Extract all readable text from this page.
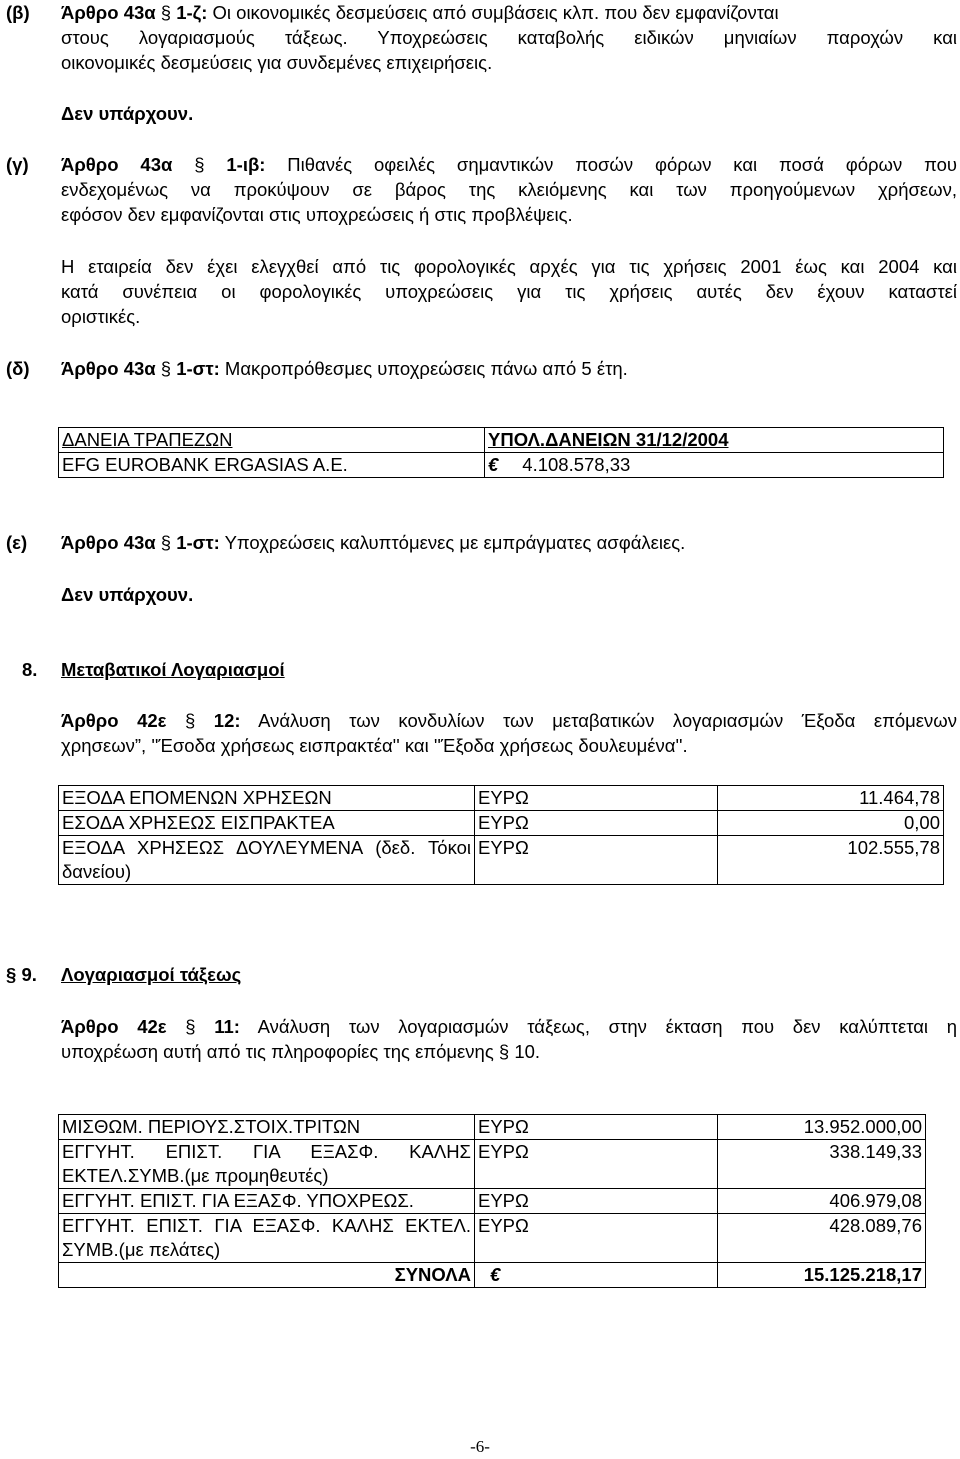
(β) Άρθρο 43α § 1-ζ: Οι οικονομικές δεσμεύσεις από συμβάσεις κλπ. που δεν εμφανίζονται
στους λογαριασμούς τάξεως. Υποχρεώσεις καταβολής ειδικών μηνιαίων παροχών και
οικονομικές δεσμεύσεις για συνδεμένες επιχειρήσεις.
Δεν υπάρχουν.
(γ) Άρθρο 43α § 1-ιβ: Πιθανές οφειλές σημαντικών ποσών φόρων και ποσά φόρων που
ενδεχομένως να προκύψουν σε βάρος της κλειόμενης και των προηγούμενων χρήσεων,
εφόσον δεν εμφανίζονται στις υποχρεώσεις ή στις προβλέψεις.
Η εταιρεία δεν έχει ελεγχθεί από τις φορολογικές αρχές για τις χρήσεις 2001 έως και 2004 και
κατά συνέπεια οι φορολογικές υποχρεώσεις για τις χρήσεις αυτές δεν έχουν καταστεί
οριστικές.
(δ) Άρθρο 43α § 1-στ: Μακροπρόθεσμες υποχρεώσεις πάνω από 5 έτη.
ΔΑΝΕΙΑ ΤΡΑΠΕΖΩΝ	ΥΠΟΛ.ΔΑΝΕΙΩΝ 31/12/2004
EFG EUROBANK ERGASIAS A.E.	€ 4.108.578,33
(ε) Άρθρο 43α § 1-στ: Υποχρεώσεις καλυπτόμενες με εμπράγματες ασφάλειες.
Δεν υπάρχουν.
8. Μεταβατικοί Λογαριασμοί
Άρθρο 42ε § 12: Ανάλυση των κονδυλίων των μεταβατικών λογαριασμών Έξοδα επόμενων
χρησεων”, ''Έσοδα χρήσεως εισπρακτέα'' και ''Έξοδα χρήσεως δουλευμένα''.
ΕΞΟΔΑ ΕΠΟΜΕΝΩΝ ΧΡΗΣΕΩΝ	ΕΥΡΩ	11.464,78
ΕΣΟΔΑ ΧΡΗΣΕΩΣ ΕΙΣΠΡΑΚΤΕΑ	ΕΥΡΩ	0,00
ΕΞΟΔΑ ΧΡΗΣΕΩΣ ΔΟΥΛΕΥΜΕΝΑ (δεδ. Τόκοι δανείου)	ΕΥΡΩ	102.555,78
§ 9. Λογαριασμοί τάξεως
Άρθρο 42ε § 11: Ανάλυση των λογαριασμών τάξεως, στην έκταση που δεν καλύπτεται η
υποχρέωση αυτή από τις πληροφορίες της επόμενης § 10.
ΜΙΣΘΩΜ. ΠΕΡΙΟΥΣ.ΣΤΟΙΧ.ΤΡΙΤΩΝ	ΕΥΡΩ	13.952.000,00
ΕΓΓΥΗΤ. ΕΠΙΣΤ. ΓΙΑ ΕΞΑΣΦ. ΚΑΛΗΣ ΕΚΤΕΛ.ΣΥΜΒ.(με προμηθευτές)	ΕΥΡΩ	338.149,33
ΕΓΓΥΗΤ. ΕΠΙΣΤ. ΓΙΑ ΕΞΑΣΦ. ΥΠΟΧΡΕΩΣ.	ΕΥΡΩ	406.979,08
ΕΓΓΥΗΤ. ΕΠΙΣΤ. ΓΙΑ ΕΞΑΣΦ. ΚΑΛΗΣ ΕΚΤΕΛ. ΣΥΜΒ.(με πελάτες)	ΕΥΡΩ	428.089,76
ΣΥΝΟΛΑ	€	15.125.218,17
-6-
